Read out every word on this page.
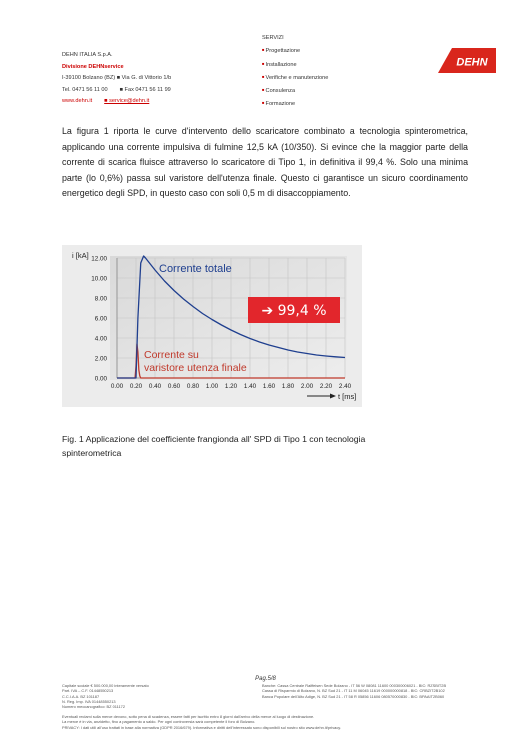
DEHN ITALIA S.p.A.
Divisione DEHNservice
I-39100 Bolzano (BZ) ■ Via G. di Vittorio 1/b
Tel. 0471 56 11 00 ■ Fax 0471 56 11 99
www.dehn.it ■ service@dehn.it
SERVIZI
■ Progettazione
■ Installazione
■ Verifiche e manutenzione
■ Consulenza
■ Formazione
DEHN
La figura 1 riporta le curve d'intervento dello scaricatore combinato a tecnologia spinterometrica, applicando una corrente impulsiva di fulmine 12,5 kA (10/350). Si evince che la maggior parte della corrente di scarica fluisce attraverso lo scaricatore di Tipo 1, in definitiva il 99,4 %. Solo una minima parte (lo 0,6%) passa sul varistore dell'utenza finale. Questo ci garantisce un sicuro coordinamento energetico degli SPD, in questo caso con soli 0,5 m di disaccoppiamento.
0.00
2.00
4.00
6.00
8.00
10.00
12.00
0.00 0.20 0.40 0.60 0.80 1.00 1.20 1.40 1.60 1.80 2.00 2.20 2.40
i [kA]
t [ms]
Corrente totale
Corrente su
varistore utenza finale
➔ 99,4 %
Fig. 1 Applicazione del coefficiente frangionda all' SPD di Tipo 1 con tecnologia
spinterometrica
Pag.5/8
Capitale sociale € 500.000,00 interamente versato
Part. IVA – C.F. 01448550213
C.C.I.A.A. BZ 101187
N. Reg. Imp. IVA 01448550213
Numero meccanografico: BZ 011172
Banche: Cassa Centrale Raiffeisen Sede Bolzano - IT 56 W 08081 11600 000300006021 - BIC: RZSBIT2B
Cassa di Risparmio di Bolzano, N. BZ Sud 21 - IT 11 M 06045 11619 000000000818 - BIC: CRBZIT2B102
Banca Popolare dell'Alto Adige, N. BZ Sud 21 - IT 58 R 05856 11606 080570000830 - BIC: BPAAIT2B060
Eventuali reclami sulla merce devono, sotto pena di scadenza, essere fatti per iscritto entro 8 giorni dall'arrivo della merce al luogo di destinazione.
La merce è in via, anzidetto, fino a pagamento a saldo. Per ogni controversia sarà competente il foro di Bolzano.
PRIVACY: I dati utili all'uso trattati in base alla normativa (GDPR 2016/679). Informativa e diritti dell'interessato sono disponibili sul nostro sito www.dehn.it/privacy.
